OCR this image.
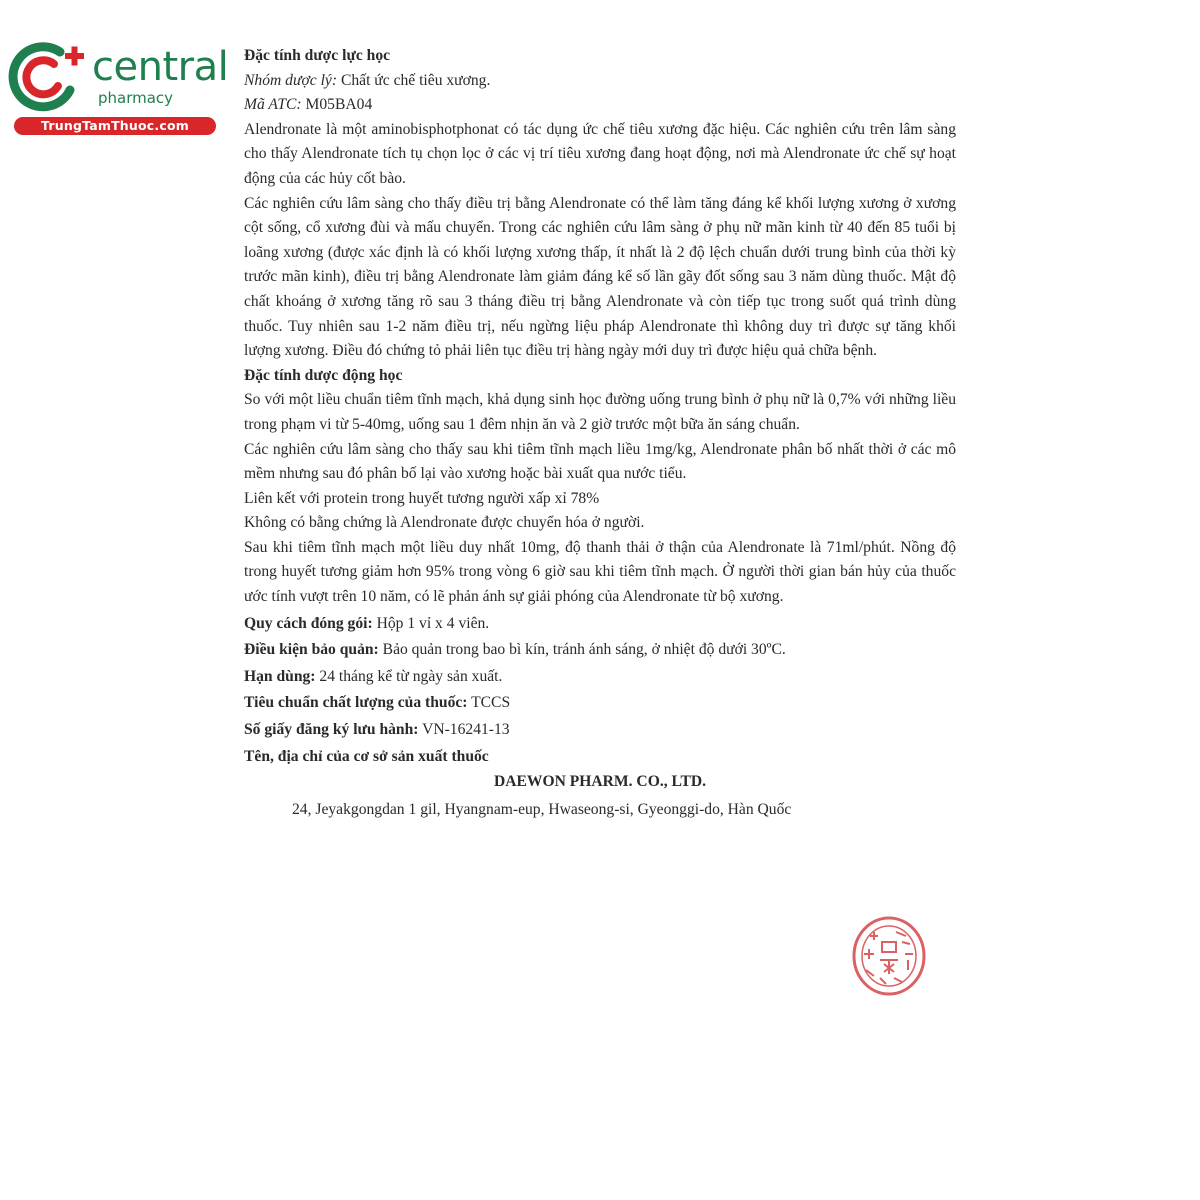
central
pharmacy
TrungTamThuoc.com

Đặc tính dược lực học

Nhóm dược lý: Chất ức chế tiêu xương.

Mã ATC: M05BA04

Alendronate là một aminobisphotphonat có tác dụng ức chế tiêu xương đặc hiệu. Các nghiên cứu trên lâm sàng cho thấy Alendronate tích tụ chọn lọc ở các vị trí tiêu xương đang hoạt động, nơi mà Alendronate ức chế sự hoạt động của các hủy cốt bào.

Các nghiên cứu lâm sàng cho thấy điều trị bằng Alendronate có thể làm tăng đáng kể khối lượng xương ở xương cột sống, cổ xương đùi và mấu chuyển. Trong các nghiên cứu lâm sàng ở phụ nữ mãn kinh từ 40 đến 85 tuổi bị loãng xương (được xác định là có khối lượng xương thấp, ít nhất là 2 độ lệch chuẩn dưới trung bình của thời kỳ trước mãn kinh), điều trị bằng Alendronate làm giảm đáng kể số lần gãy đốt sống sau 3 năm dùng thuốc. Mật độ chất khoáng ở xương tăng rõ sau 3 tháng điều trị bằng Alendronate và còn tiếp tục trong suốt quá trình dùng thuốc. Tuy nhiên sau 1-2 năm điều trị, nếu ngừng liệu pháp Alendronate thì không duy trì được sự tăng khối lượng xương. Điều đó chứng tỏ phải liên tục điều trị hàng ngày mới duy trì được hiệu quả chữa bệnh.

Đặc tính dược động học

So với một liều chuẩn tiêm tĩnh mạch, khả dụng sinh học đường uống trung bình ở phụ nữ là 0,7% với những liều trong phạm vi từ 5-40mg, uống sau 1 đêm nhịn ăn và 2 giờ trước một bữa ăn sáng chuẩn.

Các nghiên cứu lâm sàng cho thấy sau khi tiêm tĩnh mạch liều 1mg/kg, Alendronate phân bố nhất thời ở các mô mềm nhưng sau đó phân bố lại vào xương hoặc bài xuất qua nước tiểu.

Liên kết với protein trong huyết tương người xấp xỉ 78%

Không có bằng chứng là Alendronate được chuyển hóa ở người.

Sau khi tiêm tĩnh mạch một liều duy nhất 10mg, độ thanh thải ở thận của Alendronate là 71ml/phút. Nồng độ trong huyết tương giảm hơn 95% trong vòng 6 giờ sau khi tiêm tĩnh mạch. Ở người thời gian bán hủy của thuốc ước tính vượt trên 10 năm, có lẽ phản ánh sự giải phóng của Alendronate từ bộ xương.

Quy cách đóng gói: Hộp 1 vỉ x 4 viên.

Điều kiện bảo quản: Bảo quản trong bao bì kín, tránh ánh sáng, ở nhiệt độ dưới 30ºC.

Hạn dùng: 24 tháng kể từ ngày sản xuất.

Tiêu chuẩn chất lượng của thuốc: TCCS

Số giấy đăng ký lưu hành: VN-16241-13

Tên, địa chỉ của cơ sở sản xuất thuốc

DAEWON PHARM. CO., LTD.

24, Jeyakgongdan 1 gil, Hyangnam-eup, Hwaseong-si, Gyeonggi-do, Hàn Quốc
